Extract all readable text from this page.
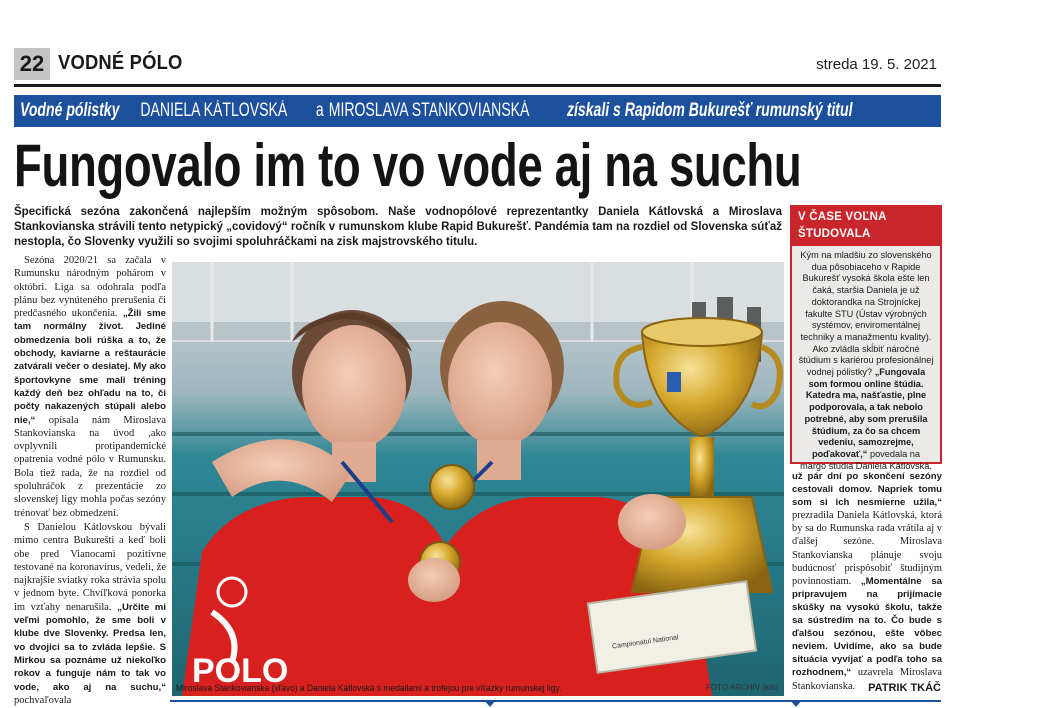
22 VODNÉ PÓLO	streda 19. 5. 2021
Vodné pólistky DANIELA KÁTLOVSKÁ a MIROSLAVA STANKOVIANSKÁ získali s Rapidom Bukurešť rumunský titul
Fungovalo im to vo vode aj na suchu

Špecifická sezóna zakončená najlepším možným spôsobom. Naše vodnopólové reprezentantky Daniela Kátlovská a Miroslava Stankovianska strávili tento netypický „covidový“ ročník v rumunskom klube Rapid Bukurešť. Pandémia tam na rozdiel od Slovenska súťaž nestopla, čo Slovenky využili so svojimi spoluhráčkami na zisk majstrovského titulu.

Sezóna 2020/21 sa začala v Rumunsku národným pohárom v októbri. Liga sa odohrala podľa plánu bez vynúteného prerušenia či predčasného ukončenia. „Žili sme tam normálny život. Jediné obmedzenia boli rúška a to, že obchody, kaviarne a reštaurácie zatvárali večer o desiatej. My ako športovkyne sme mali tréning každý deň bez ohľadu na to, či počty nakazených stúpali alebo nie,“ opísala nám Miroslava Stankovianska na úvod ,ako ovplyvnili protipandemické opatrenia vodné pólo v Rumunsku. Bola tiež rada, že na rozdiel od spoluhráčok z prezentácie zo slovenskej ligy mohla počas sezóny trénovať bez obmedzení.

S Danielou Kátlovskou bývali mimo centra Bukurešti a keď boli obe pred Vianocami pozitívne testované na koronavírus, vedeli, že najkrajšie sviatky roka strávia spolu v jednom byte. Chvíľková ponorka im vzťahy nenarušila. „Určite mi veľmi pomohlo, že sme boli v klube dve Slovenky. Predsa len, vo dvojici sa to zvláda lepšie. S Mirkou sa poznáme už niekoľko rokov a funguje nám to tak vo vode, ako aj na suchu,“ pochvaľovala

POLO
Campionatul National
Miroslava Stankovianska (vľavo) a Daniela Kátlovská s medailami a trofejou pre víťazky rumunskej ligy.	FOTO ARCHÍV (kát)
V ČASE VOĽNA ŠTUDOVALA
Kým na mladšiu zo slovenského dua pôsobiaceho v Rapide Bukurešť vysoká škola ešte len čaká, staršia Daniela je už doktorandka na Strojníckej fakulte STU (Ústav výrobných systémov, enviromentálnej techniky a manažmentu kvality). Ako zvládla skĺbiť náročné štúdium s kariérou profesionálnej vodnej pólistky? „Fungovala som formou online štúdia. Katedra ma, našťastie, plne podporovala, a tak nebolo potrebné, aby som prerušila štúdium, za čo sa chcem vedeniu, samozrejme, poďakovať,“ povedala na margo štúdia Daniela Kátlovská.
už pár dní po skončení sezóny cestovali domov. Napriek tomu som si ich nesmierne užila,“ prezradila Daniela Kátlovská, ktorá by sa do Rumunska rada vrátila aj v ďalšej sezóne. Miroslava Stankovianska plánuje svoju budúcnosť prispôsobiť študijným povinnostiam. „Momentálne sa pripravujem na prijímacie skúšky na vysokú školu, takže sa sústredím na to. Čo bude s ďalšou sezónou, ešte vôbec neviem. Uvidíme, ako sa bude situácia vyvíjať a podľa toho sa rozhodnem,“ uzavrela Miroslava Stankovianska.	PATRIK TKÁČ
